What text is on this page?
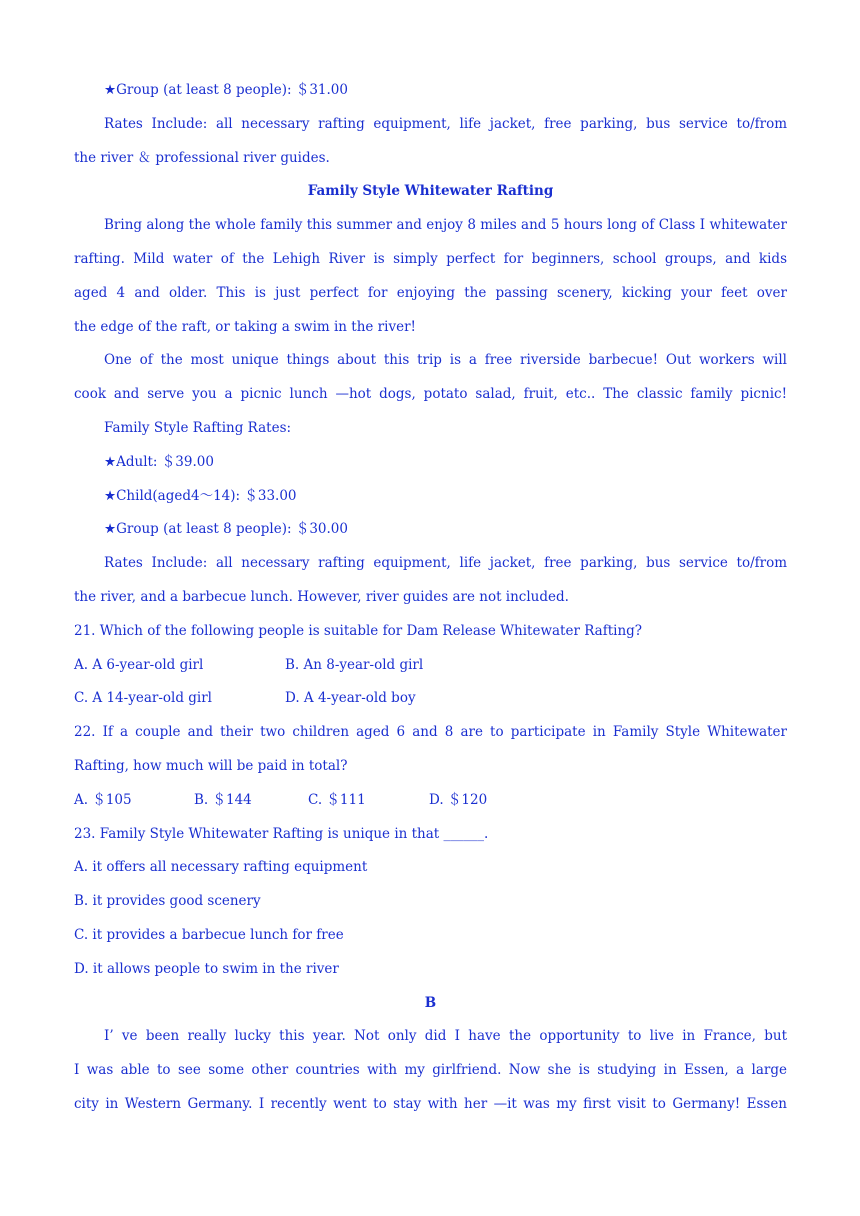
★Group (at least 8 people): ＄31.00
Rates Include: all necessary rafting equipment, life jacket, free parking, bus service to/from
the river ＆ professional river guides.
Family Style Whitewater Rafting
Bring along the whole family this summer and enjoy 8 miles and 5 hours long of Class Ⅰ whitewater
rafting. Mild water of the Lehigh River is simply perfect for beginners, school groups, and kids
aged 4 and older. This is just perfect for enjoying the passing scenery, kicking your feet over
the edge of the raft, or taking a swim in the river!
One of the most unique things about this trip is a free riverside barbecue! Out workers will
cook and serve you a picnic lunch —hot dogs, potato salad, fruit, etc.. The classic family picnic!
Family Style Rafting Rates:
★Adult: ＄39.00
★Child(aged4～14): ＄33.00
★Group (at least 8 people): ＄30.00
Rates Include: all necessary rafting equipment, life jacket, free parking, bus service to/from
the river, and a barbecue lunch. However, river guides are not included.
21. Which of the following people is suitable for Dam Release Whitewater Rafting?
A. A 6-year-old girl	B. An 8-year-old girl
C. A 14-year-old girl	D. A 4-year-old boy
22. If a couple and their two children aged 6 and 8 are to participate in Family Style Whitewater
Rafting, how much will be paid in total?
A. ＄105	B. ＄144	C. ＄111	D. ＄120
23. Family Style Whitewater Rafting is unique in that ______.
A. it offers all necessary rafting equipment
B. it provides good scenery
C. it provides a barbecue lunch for free
D. it allows people to swim in the river
B
I’ ve been really lucky this year. Not only did I have the opportunity to live in France, but
I was able to see some other countries with my girlfriend. Now she is studying in Essen, a large
city in Western Germany. I recently went to stay with her —it was my first visit to Germany! Essen
